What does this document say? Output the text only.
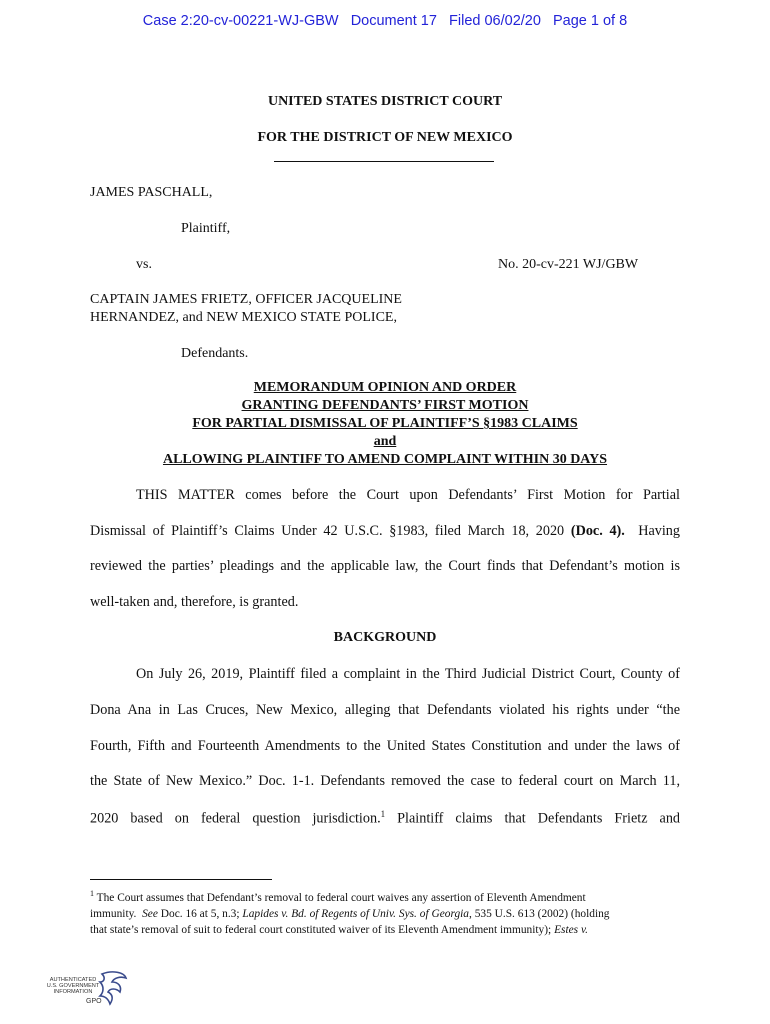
Case 2:20-cv-00221-WJ-GBW   Document 17   Filed 06/02/20   Page 1 of 8
UNITED STATES DISTRICT COURT
FOR THE DISTRICT OF NEW MEXICO
JAMES PASCHALL,
Plaintiff,
vs.	No. 20-cv-221 WJ/GBW
CAPTAIN JAMES FRIETZ, OFFICER JACQUELINE
HERNANDEZ, and NEW MEXICO STATE POLICE,
Defendants.
MEMORANDUM OPINION AND ORDER
GRANTING DEFENDANTS’ FIRST MOTION
FOR PARTIAL DISMISSAL OF PLAINTIFF’S §1983 CLAIMS
and
ALLOWING PLAINTIFF TO AMEND COMPLAINT WITHIN 30 DAYS
THIS MATTER comes before the Court upon Defendants’ First Motion for Partial
Dismissal of Plaintiff’s Claims Under 42 U.S.C. §1983, filed March 18, 2020 (Doc. 4).  Having
reviewed the parties’ pleadings and the applicable law, the Court finds that Defendant’s motion is
well-taken and, therefore, is granted.
BACKGROUND
On July 26, 2019, Plaintiff filed a complaint in the Third Judicial District Court, County of
Dona Ana in Las Cruces, New Mexico, alleging that Defendants violated his rights under “the
Fourth, Fifth and Fourteenth Amendments to the United States Constitution and under the laws of
the State of New Mexico.” Doc. 1-1. Defendants removed the case to federal court on March 11,
2020 based on federal question jurisdiction.$^1$ Plaintiff claims that Defendants Frietz and
$^1$ The Court assumes that Defendant’s removal to federal court waives any assertion of Eleventh Amendment
immunity.  See Doc. 16 at 5, n.3; Lapides v. Bd. of Regents of Univ. Sys. of Georgia, 535 U.S. 613 (2002) (holding
that state’s removal of suit to federal court constituted waiver of its Eleventh Amendment immunity); Estes v.
AUTHENTICATED
U.S. GOVERNMENT
INFORMATION
GPO
